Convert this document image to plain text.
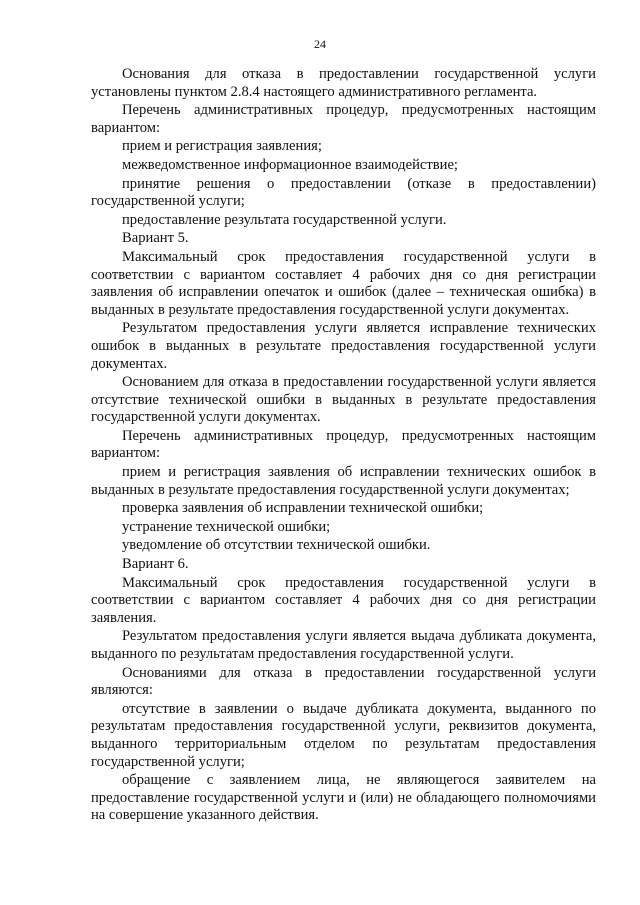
24

Основания для отказа в предоставлении государственной услуги установлены пунктом 2.8.4 настоящего административного регламента.

Перечень административных процедур, предусмотренных настоящим вариантом:

прием и регистрация заявления;

межведомственное информационное взаимодействие;

принятие решения о предоставлении (отказе в предоставлении) государственной услуги;

предоставление результата государственной услуги.

Вариант 5.

Максимальный срок предоставления государственной услуги в соответствии с вариантом составляет 4 рабочих дня со дня регистрации заявления об исправлении опечаток и ошибок (далее – техническая ошибка) в выданных в результате предоставления государственной услуги документах.

Результатом предоставления услуги является исправление технических ошибок в выданных в результате предоставления государственной услуги документах.

Основанием для отказа в предоставлении государственной услуги является отсутствие технической ошибки в выданных в результате предоставления государственной услуги документах.

Перечень административных процедур, предусмотренных настоящим вариантом:

прием и регистрация заявления об исправлении технических ошибок в выданных в результате предоставления государственной услуги документах;

проверка заявления об исправлении технической ошибки;

устранение технической ошибки;

уведомление об отсутствии технической ошибки.

Вариант 6.

Максимальный срок предоставления государственной услуги в соответствии с вариантом составляет 4 рабочих дня со дня регистрации заявления.

Результатом предоставления услуги является выдача дубликата документа, выданного по результатам предоставления государственной услуги.

Основаниями для отказа в предоставлении государственной услуги являются:

отсутствие в заявлении о выдаче дубликата документа, выданного по результатам предоставления государственной услуги, реквизитов документа, выданного территориальным отделом по результатам предоставления государственной услуги;

обращение с заявлением лица, не являющегося заявителем на предоставление государственной услуги и (или) не обладающего полномочиями на совершение указанного действия.
